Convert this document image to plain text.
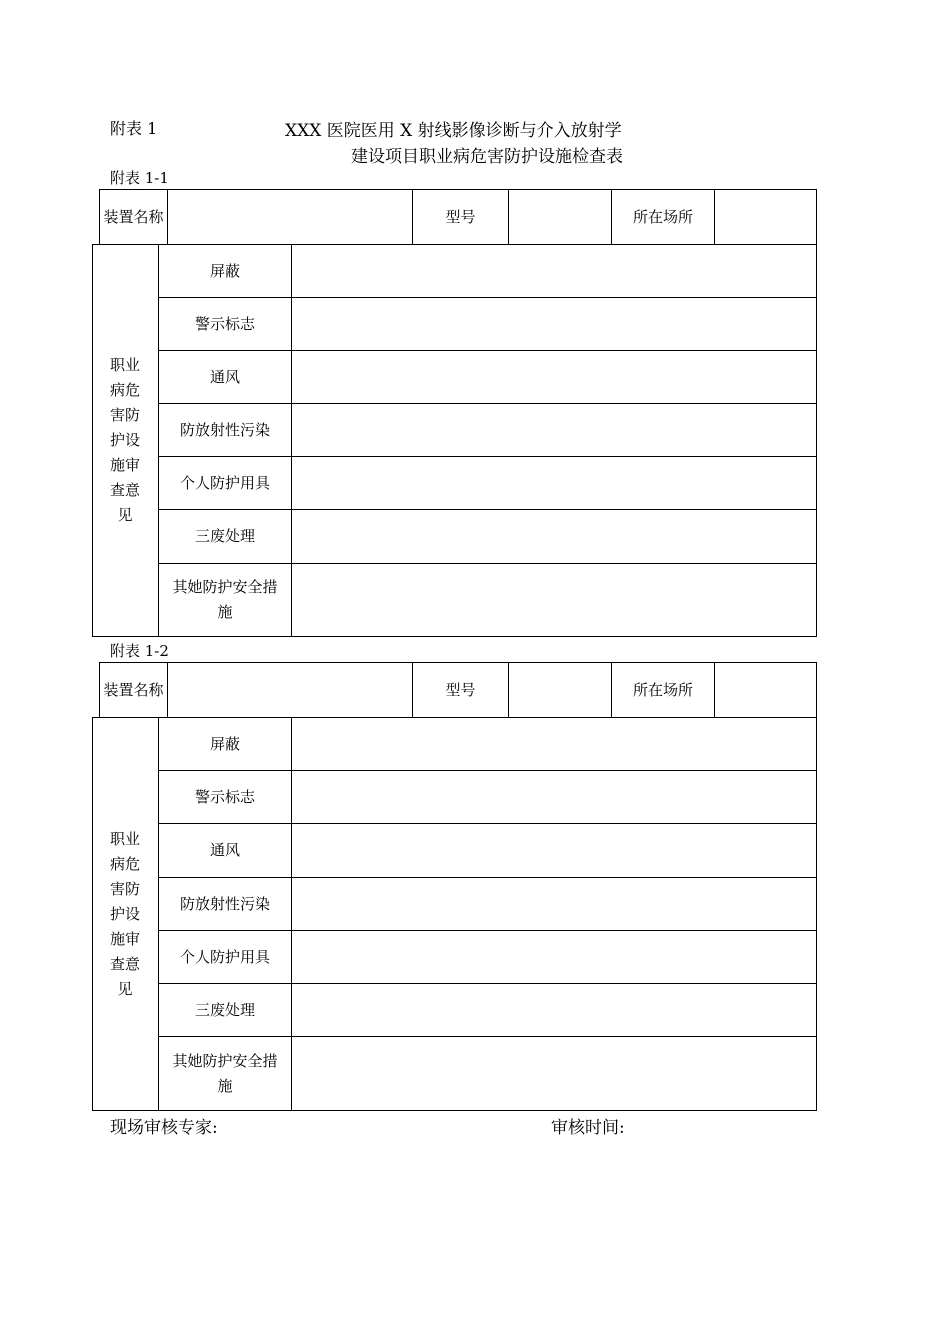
附表 1	XXX 医院医用 X 射线影像诊断与介入放射学
建设项目职业病危害防护设施检查表
附表 1-1
装置名称	型号	所在场所
职业病危害防护设施审查意见
屏蔽
警示标志
通风
防放射性污染
个人防护用具
三废处理
其她防护安全措施
附表 1-2
装置名称	型号	所在场所
职业病危害防护设施审查意见
屏蔽
警示标志
通风
防放射性污染
个人防护用具
三废处理
其她防护安全措施
现场审核专家:	审核时间:
